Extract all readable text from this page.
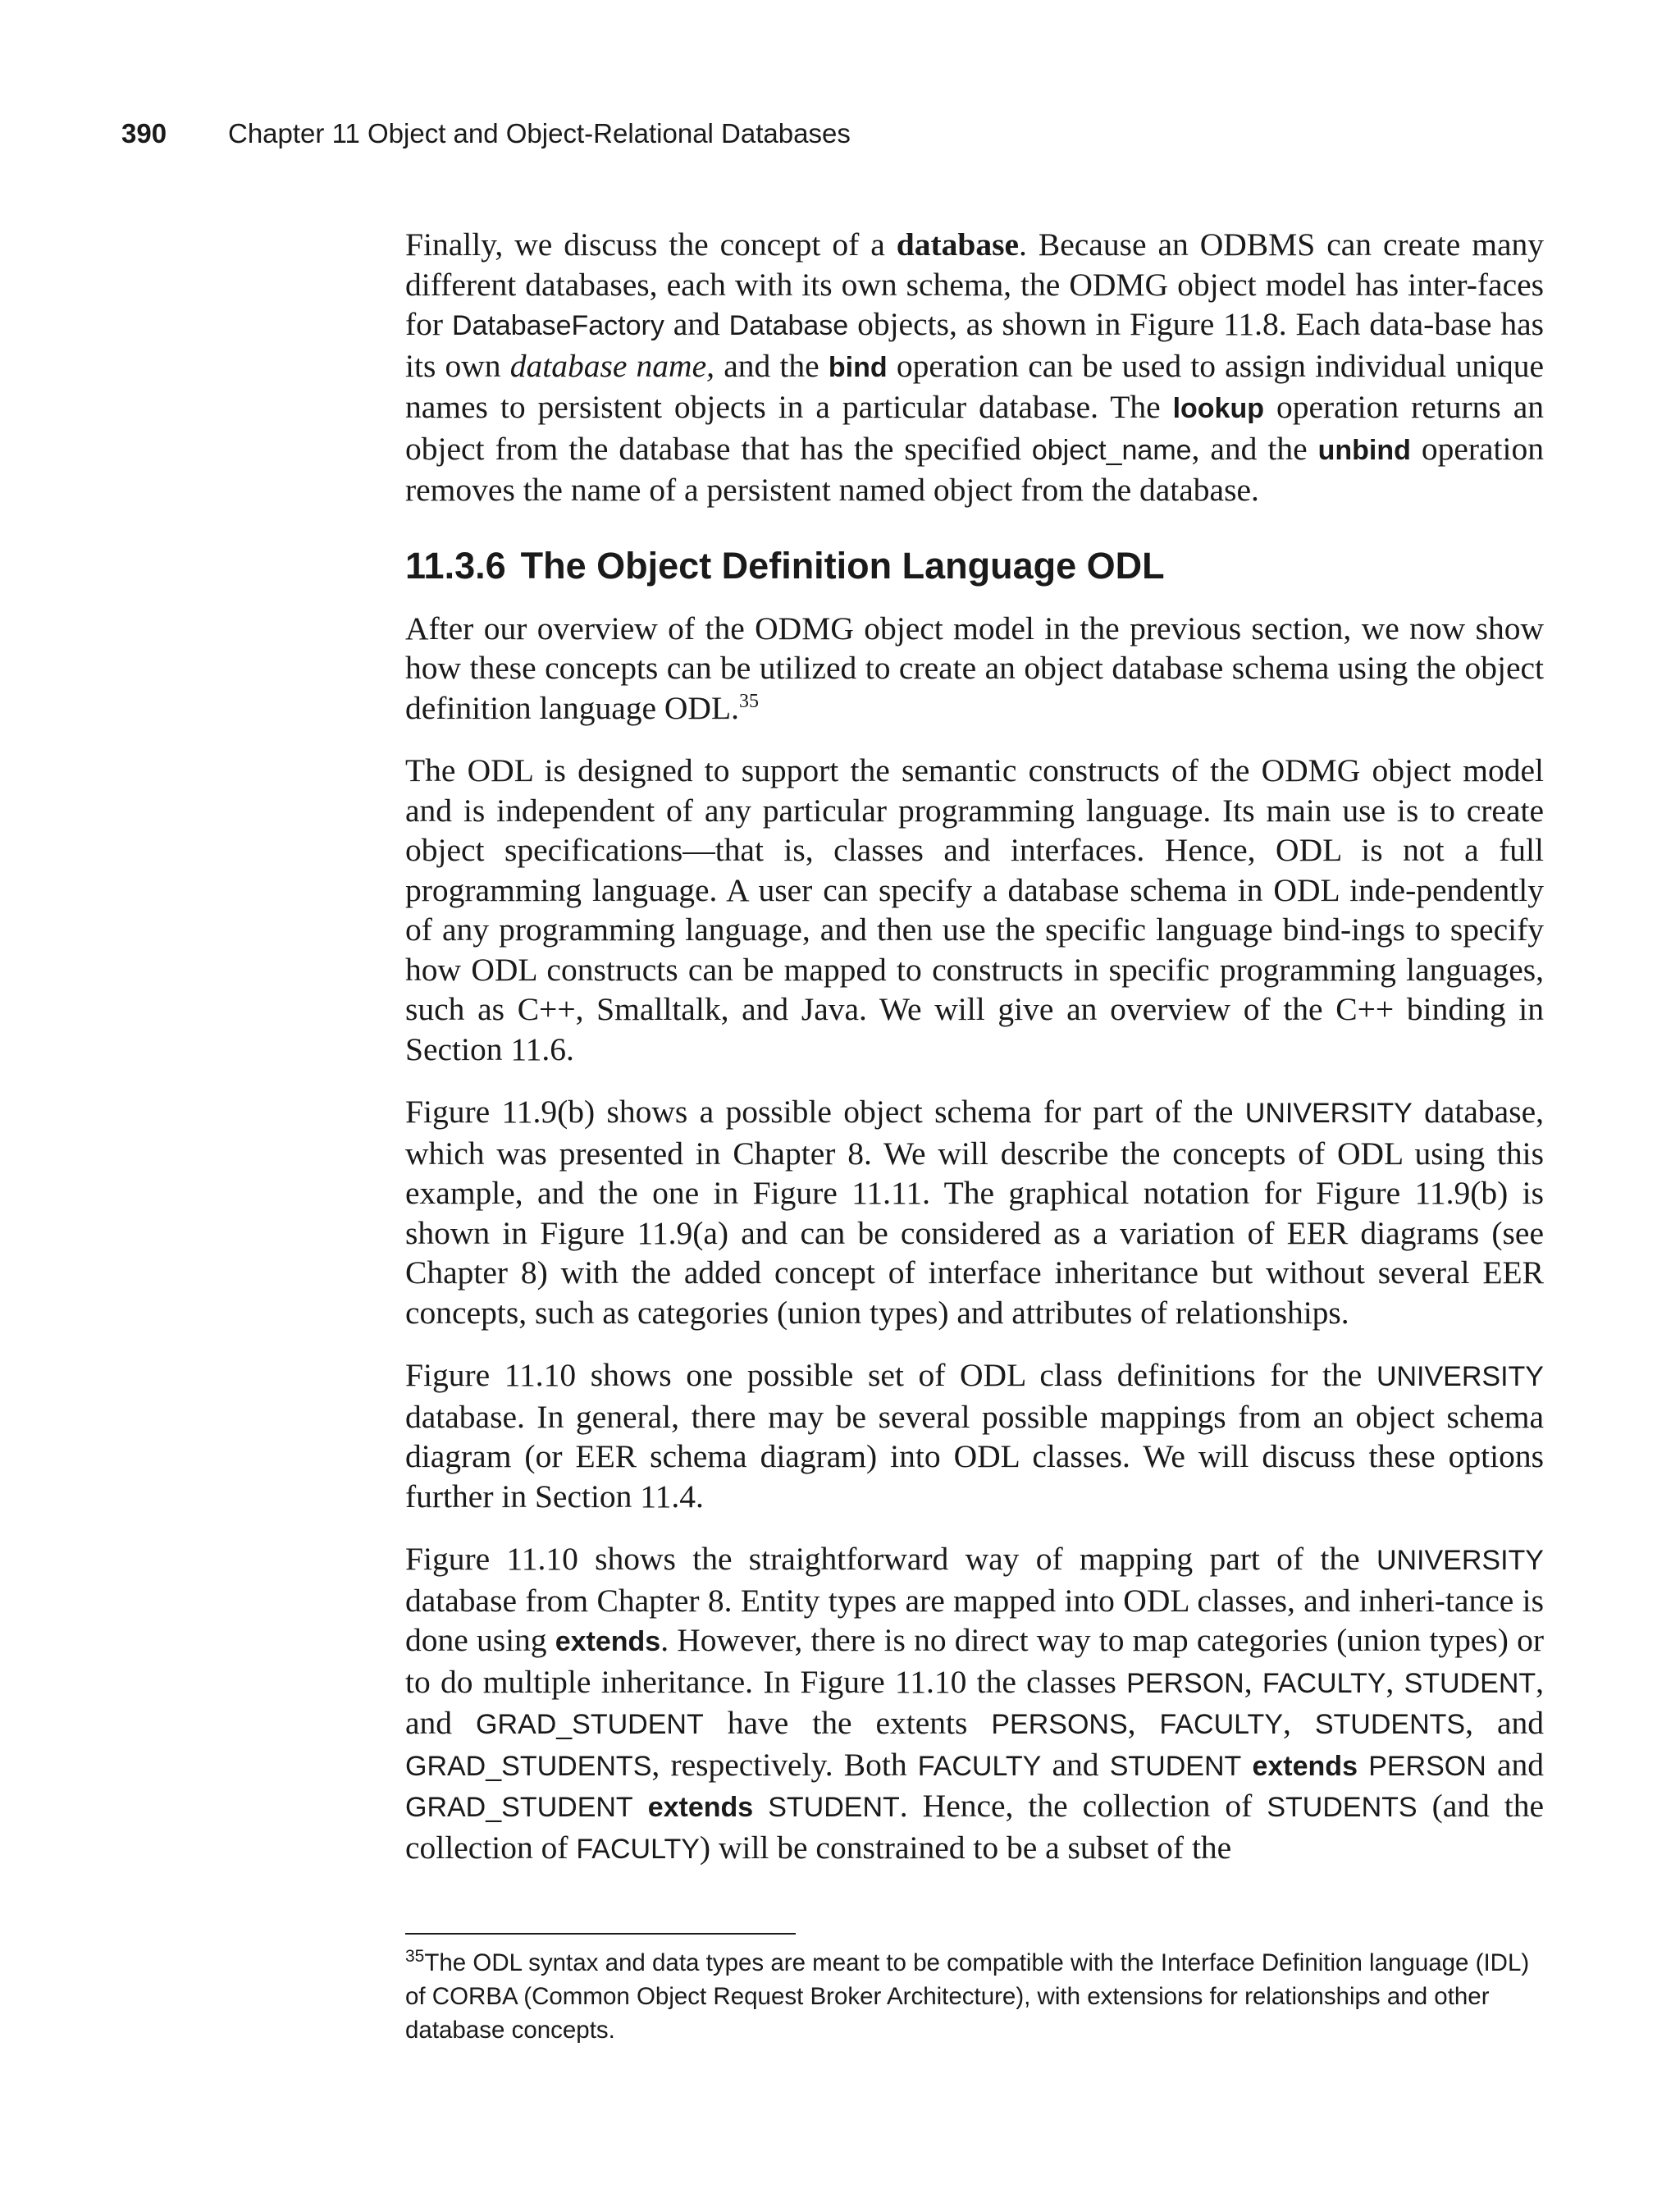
390 Chapter 11 Object and Object-Relational Databases

Finally, we discuss the concept of a database. Because an ODBMS can create many different databases, each with its own schema, the ODMG object model has inter-faces for DatabaseFactory and Database objects, as shown in Figure 11.8. Each data-base has its own database name, and the bind operation can be used to assign individual unique names to persistent objects in a particular database. The lookup operation returns an object from the database that has the specified object_name, and the unbind operation removes the name of a persistent named object from the database.

11.3.6 The Object Definition Language ODL

After our overview of the ODMG object model in the previous section, we now show how these concepts can be utilized to create an object database schema using the object definition language ODL.$^{35}$

The ODL is designed to support the semantic constructs of the ODMG object model and is independent of any particular programming language. Its main use is to create object specifications—that is, classes and interfaces. Hence, ODL is not a full programming language. A user can specify a database schema in ODL inde-pendently of any programming language, and then use the specific language bind-ings to specify how ODL constructs can be mapped to constructs in specific programming languages, such as C++, Smalltalk, and Java. We will give an overview of the C++ binding in Section 11.6.

Figure 11.9(b) shows a possible object schema for part of the UNIVERSITY database, which was presented in Chapter 8. We will describe the concepts of ODL using this example, and the one in Figure 11.11. The graphical notation for Figure 11.9(b) is shown in Figure 11.9(a) and can be considered as a variation of EER diagrams (see Chapter 8) with the added concept of interface inheritance but without several EER concepts, such as categories (union types) and attributes of relationships.

Figure 11.10 shows one possible set of ODL class definitions for the UNIVERSITY database. In general, there may be several possible mappings from an object schema diagram (or EER schema diagram) into ODL classes. We will discuss these options further in Section 11.4.

Figure 11.10 shows the straightforward way of mapping part of the UNIVERSITY database from Chapter 8. Entity types are mapped into ODL classes, and inheri-tance is done using extends. However, there is no direct way to map categories (union types) or to do multiple inheritance. In Figure 11.10 the classes PERSON, FACULTY, STUDENT, and GRAD_STUDENT have the extents PERSONS, FACULTY, STUDENTS, and GRAD_STUDENTS, respectively. Both FACULTY and STUDENT extends PERSON and GRAD_STUDENT extends STUDENT. Hence, the collection of STUDENTS (and the collection of FACULTY) will be constrained to be a subset of the

$^{35}$The ODL syntax and data types are meant to be compatible with the Interface Definition language (IDL) of CORBA (Common Object Request Broker Architecture), with extensions for relationships and other database concepts.
